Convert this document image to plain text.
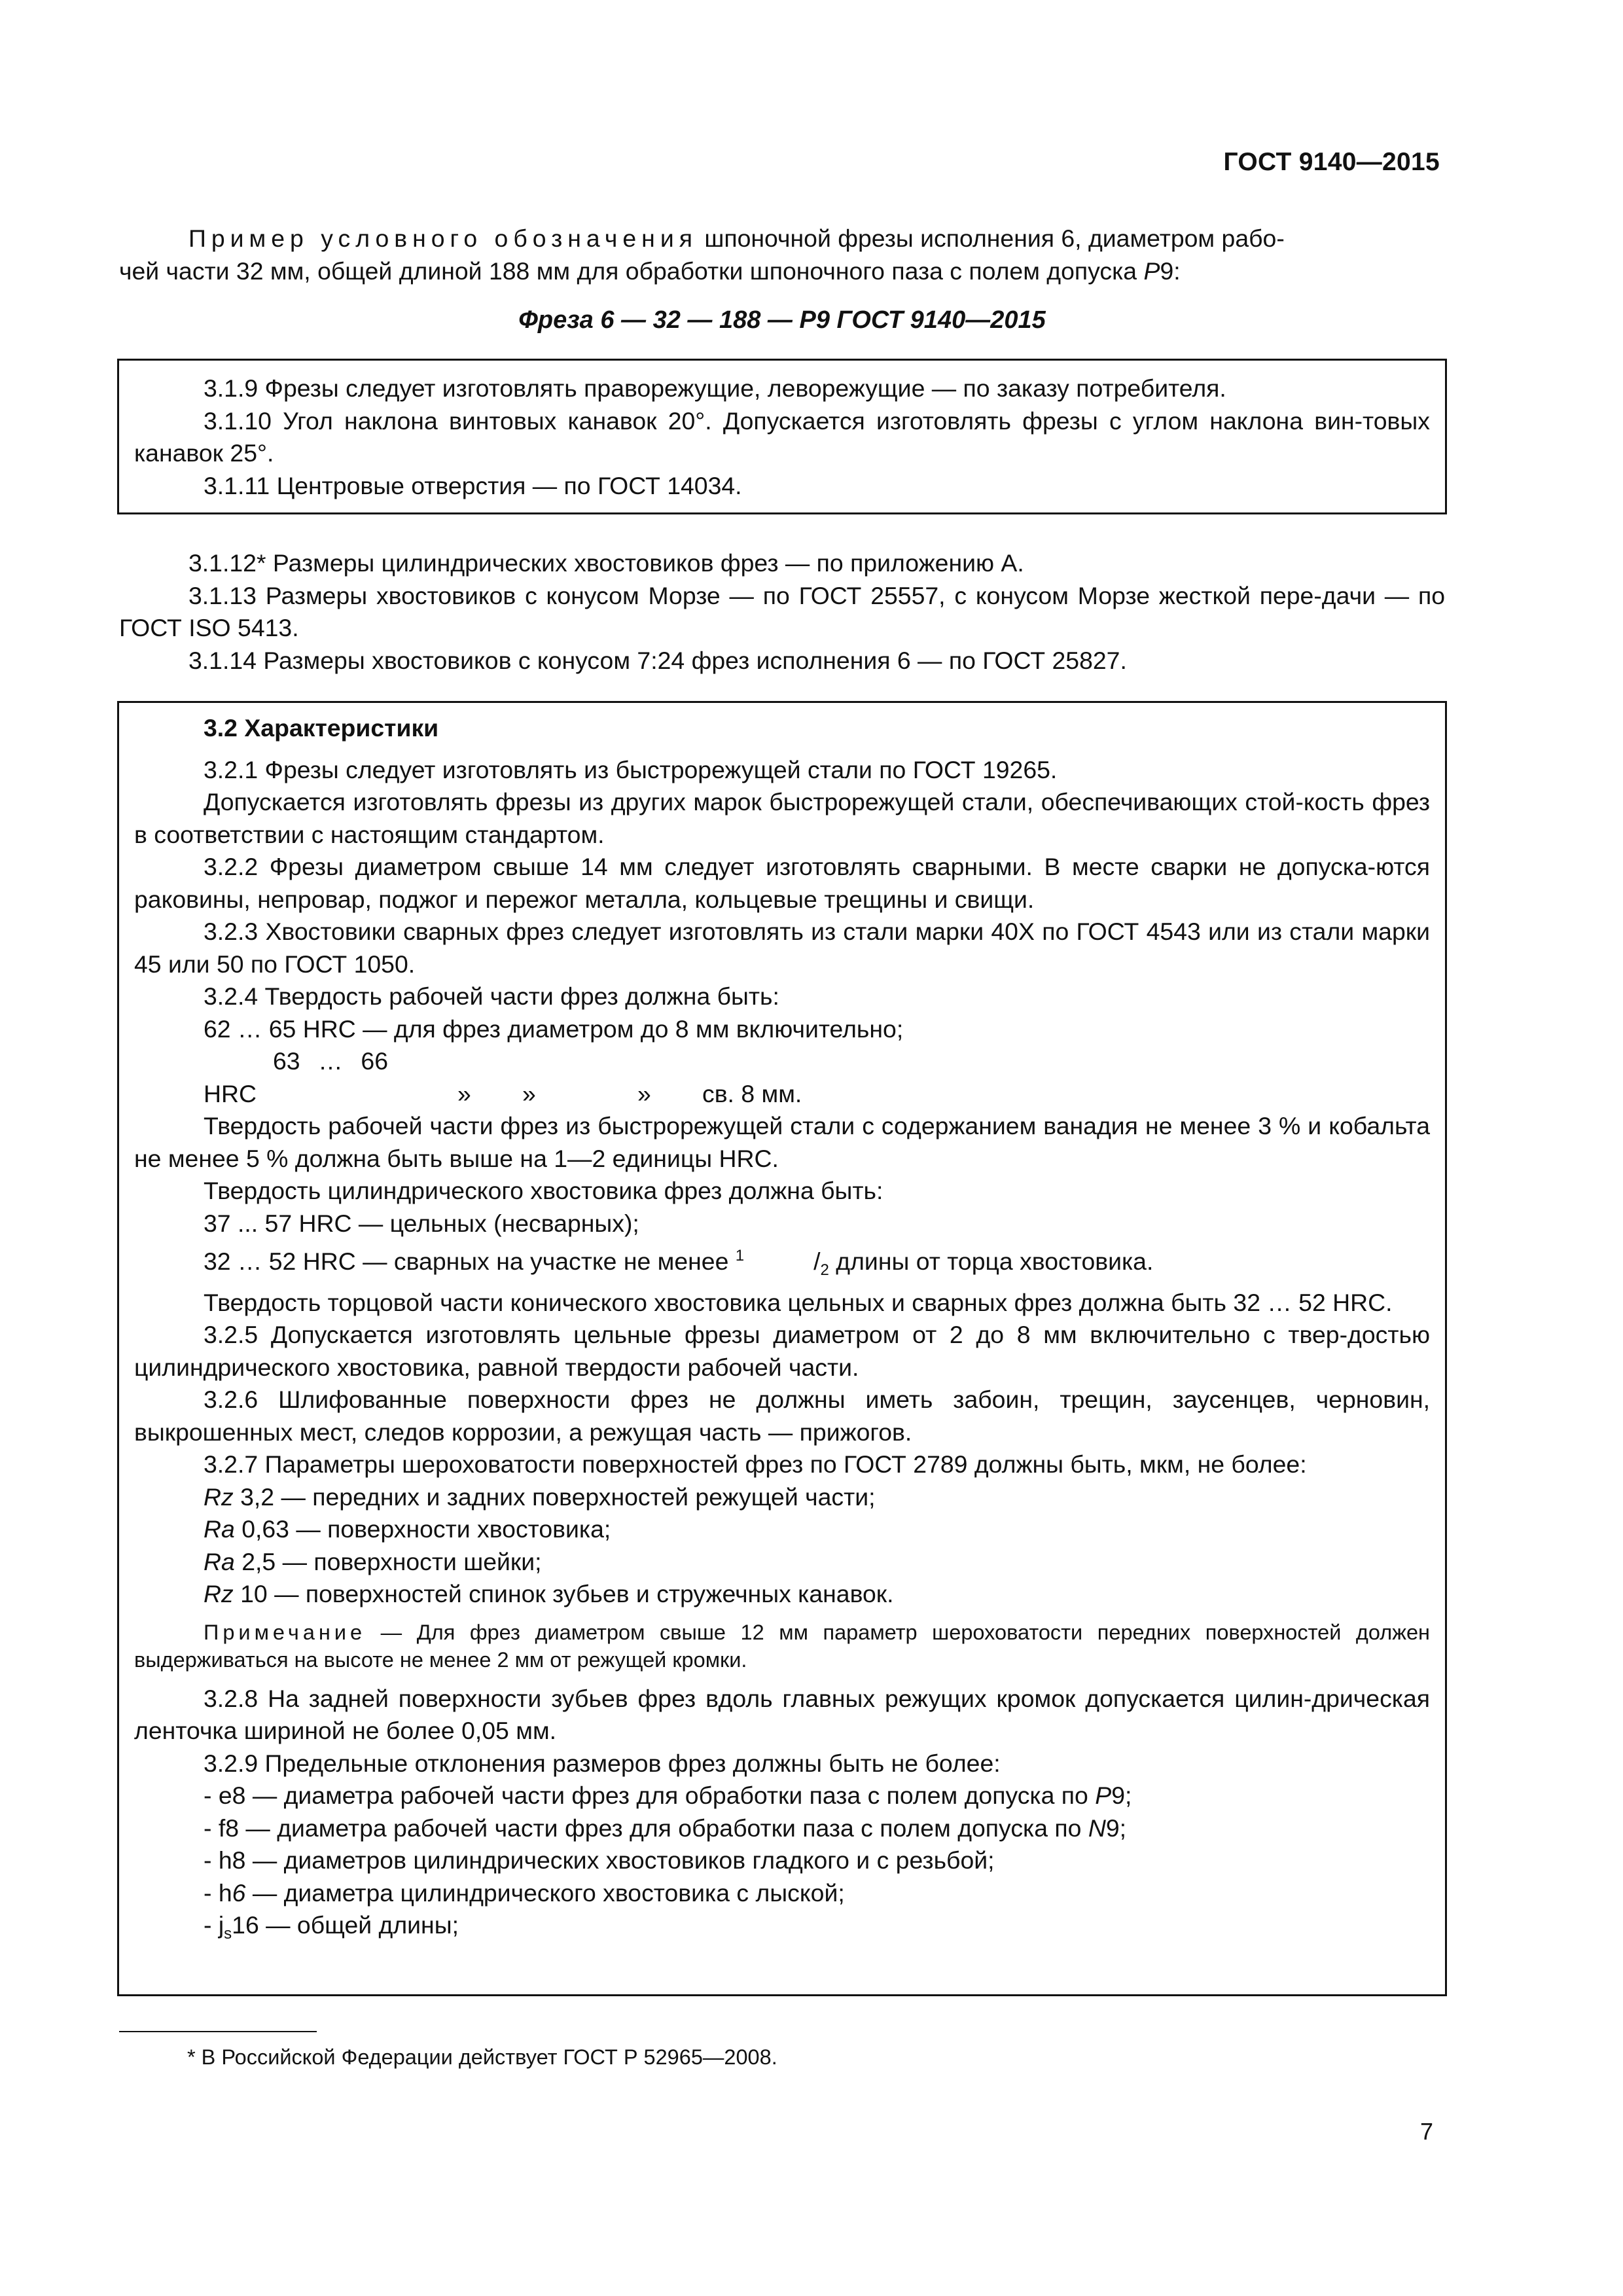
ГОСТ 9140—2015

Пример условного обозначения шпоночной фрезы исполнения 6, диаметром рабо-

чей части 32 мм, общей длиной 188 мм для обработки шпоночного паза с полем допуска Р9:

Фреза 6 — 32 — 188 — Р9 ГОСТ 9140—2015

3.1.9 Фрезы следует изготовлять праворежущие, леворежущие — по заказу потребителя.

3.1.10 Угол наклона винтовых канавок 20°. Допускается изготовлять фрезы с углом наклона вин-товых канавок 25°.

3.1.11 Центровые отверстия — по ГОСТ 14034.

3.1.12* Размеры цилиндрических хвостовиков фрез — по приложению А.

3.1.13 Размеры хвостовиков с конусом Морзе — по ГОСТ 25557, с конусом Морзе жесткой пере-дачи — по ГОСТ ISO 5413.

3.1.14 Размеры хвостовиков с конусом 7:24 фрез исполнения 6 — по ГОСТ 25827.

3.2 Характеристики

3.2.1 Фрезы следует изготовлять из быстрорежущей стали по ГОСТ 19265.

Допускается изготовлять фрезы из других марок быстрорежущей стали, обеспечивающих стой-кость фрез в соответствии с настоящим стандартом.

3.2.2 Фрезы диаметром свыше 14 мм следует изготовлять сварными. В месте сварки не допуска-ются раковины, непровар, поджог и пережог металла, кольцевые трещины и свищи.

3.2.3 Хвостовики сварных фрез следует изготовлять из стали марки 40Х по ГОСТ 4543 или из стали марки 45 или 50 по ГОСТ 1050.

3.2.4 Твердость рабочей части фрез должна быть:

62 … 65 HRC — для фрез диаметром до 8 мм включительно;

63 … 66 HRC	» »	» св. 8 мм.

Твердость рабочей части фрез из быстрорежущей стали с содержанием ванадия не менее 3 % и кобальта не менее 5 % должна быть выше на 1—2 единицы HRC.

Твердость цилиндрического хвостовика фрез должна быть:

37 ... 57 HRC — цельных (несварных);

32 … 52 HRC — сварных на участке не менее $^1$	$/_2$ длины от торца хвостовика.

Твердость торцовой части конического хвостовика цельных и сварных фрез должна быть 32 … 52 HRC.

3.2.5 Допускается изготовлять цельные фрезы диаметром от 2 до 8 мм включительно с твер-достью цилиндрического хвостовика, равной твердости рабочей части.

3.2.6 Шлифованные поверхности фрез не должны иметь забоин, трещин, заусенцев, черновин, выкрошенных мест, следов коррозии, а режущая часть — прижогов.

3.2.7 Параметры шероховатости поверхностей фрез по ГОСТ 2789 должны быть, мкм, не более:

Rz 3,2 — передних и задних поверхностей режущей части;

Ra 0,63 — поверхности хвостовика;

Ra 2,5 — поверхности шейки;

Rz 10 — поверхностей спинок зубьев и стружечных канавок.

Примечание — Для фрез диаметром свыше 12 мм параметр шероховатости передних поверхностей должен выдерживаться на высоте не менее 2 мм от режущей кромки.

3.2.8 На задней поверхности зубьев фрез вдоль главных режущих кромок допускается цилин-дрическая ленточка шириной не более 0,05 мм.

3.2.9 Предельные отклонения размеров фрез должны быть не более:

- е8 — диаметра рабочей части фрез для обработки паза с полем допуска по Р9;

- f8 — диаметра рабочей части фрез для обработки паза с полем допуска по N9;

- h8 — диаметров цилиндрических хвостовиков гладкого и с резьбой;

- h6 — диаметра цилиндрического хвостовика с лыской;

- $j_s16$ — общей длины;

* В Российской Федерации действует ГОСТ Р 52965—2008.
7
